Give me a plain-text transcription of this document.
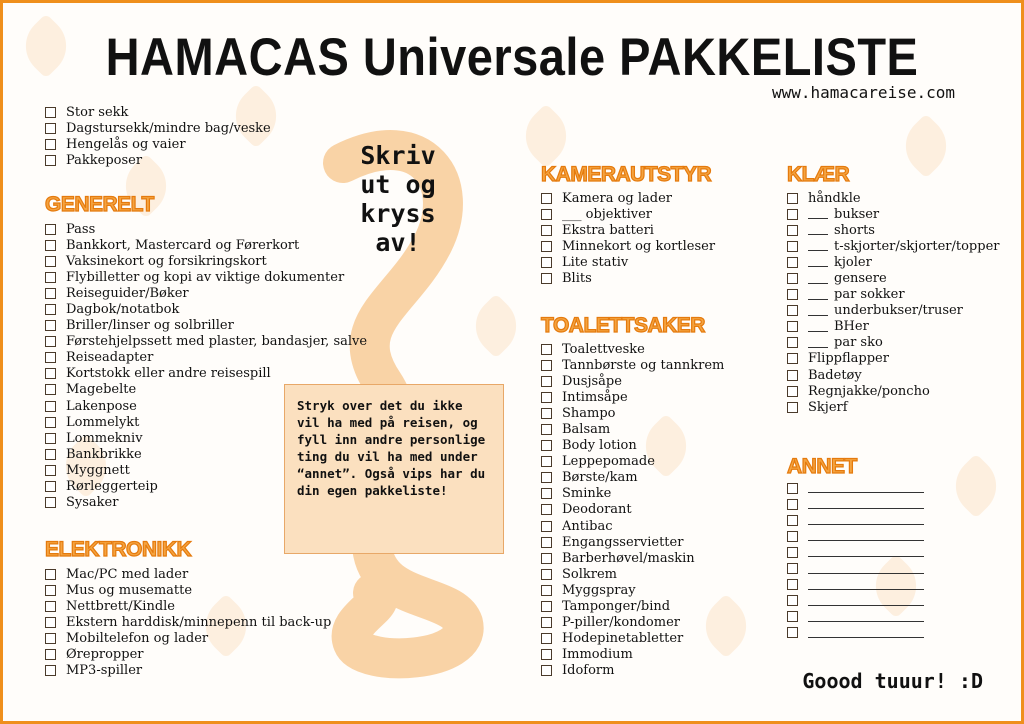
HAMACAS Universale PAKKELISTE
www.hamacareise.com
Skriv ut og kryss av!
Stryk over det du ikke vil ha med på reisen, og fyll inn andre personlige ting du vil ha med under “annet”. Også vips har du din egen pakkeliste!
Stor sekk
Dagstursekk/mindre bag/veske
Hengelås og vaier
Pakkeposer
GENERELT
Pass
Bankkort, Mastercard og Førerkort
Vaksinekort og forsikringskort
Flybilletter og kopi av viktige dokumenter
Reiseguider/Bøker
Dagbok/notatbok
Briller/linser og solbriller
Førstehjelpssett med plaster, bandasjer, salve
Reiseadapter
Kortstokk eller andre reisespill
Magebelte
Lakenpose
Lommelykt
Lommekniv
Bankbrikke
Myggnett
Rørleggerteip
Sysaker
ELEKTRONIKK
Mac/PC med lader
Mus og musematte
Nettbrett/Kindle
Ekstern harddisk/minnepenn til back-up
Mobiltelefon og lader
Ørepropper
MP3-spiller
KAMERAUTSTYR
Kamera og lader
___ objektiver
Ekstra batteri
Minnekort og kortleser
Lite stativ
Blits
TOALETTSAKER
Toalettveske
Tannbørste og tannkrem
Dusjsåpe
Intimsåpe
Shampo
Balsam
Body lotion
Leppepomade
Børste/kam
Sminke
Deodorant
Antibac
Engangsservietter
Barberhøvel/maskin
Solkrem
Myggspray
Tamponger/bind
P-piller/kondomer
Hodepinetabletter
Immodium
Idoform
KLÆR
håndkle
bukser
shorts
t-skjorter/skjorter/topper
kjoler
gensere
par sokker
underbukser/truser
BHer
par sko
Flippflapper
Badetøy
Regnjakke/poncho
Skjerf
ANNET
Goood tuuur! :D
